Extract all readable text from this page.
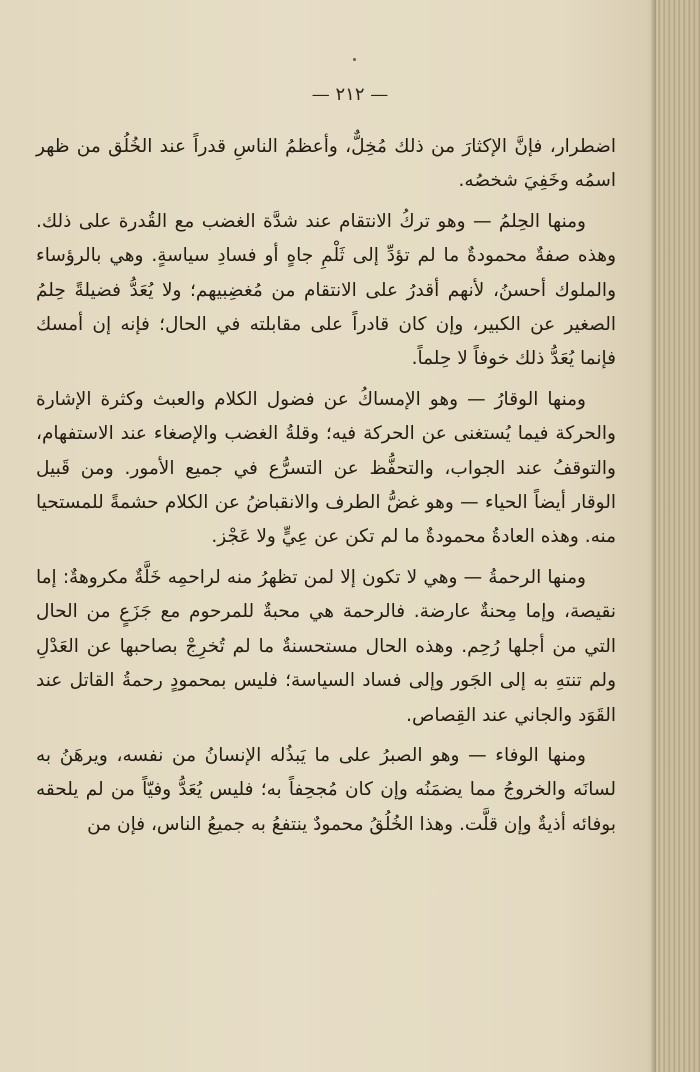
— ٢١٢ —

اضطرار، فإنَّ الإكثارَ من ذلك مُخِلٌّ، وأعظمُ الناسِ قدراً عند الخُلُق من ظهر اسمُه وخَفِيَ شخصُه.

ومنها الحِلمُ — وهو تركُ الانتقام عند شدَّة الغضب مع القُدرة على ذلك. وهذه صفةٌ محمودةٌ ما لم تؤدِّ إلى ثَلْمِ جاهٍ أو فسادِ سياسةٍ. وهي بالرؤساء والملوك أحسنُ، لأنهم أقدرُ على الانتقام من مُغضِبيهم؛ ولا يُعَدُّ فضيلةً حِلمُ الصغير عن الكبير، وإن كان قادراً على مقابلته في الحال؛ فإنه إن أمسك فإنما يُعَدُّ ذلك خوفاً لا حِلماً.

ومنها الوقارُ — وهو الإمساكُ عن فضول الكلام والعبث وكثرة الإشارة والحركة فيما يُستغنى عن الحركة فيه؛ وقلةُ الغضب والإصغاء عند الاستفهام، والتوقفُ عند الجواب، والتحفُّظ عن التسرُّع في جميع الأمور. ومن قَبيل الوقار أيضاً الحياء — وهو غضُّ الطرف والانقباضُ عن الكلام حشمةً للمستحيا منه. وهذه العادةُ محمودةٌ ما لم تكن عن عِيٍّ ولا عَجْز.

ومنها الرحمةُ — وهي لا تكون إلا لمن تظهرُ منه لراحمِه خَلَّةٌ مكروهةٌ: إما نقيصة، وإما مِحنةٌ عارضة. فالرحمة هي محبةٌ للمرحوم مع جَزَعٍ من الحال التي من أجلها رُحِم. وهذه الحال مستحسنةٌ ما لم تُخرِجْ بصاحبها عن العَدْلِ ولم تنتهِ به إلى الجَور وإلى فساد السياسة؛ فليس بمحمودٍ رحمةُ القاتل عند القَوَد والجاني عند القِصاص.

ومنها الوفاء — وهو الصبرُ على ما يَبذُله الإنسانُ من نفسه، ويرهَنُ به لسانَه والخروجُ مما يضمَنُه وإن كان مُجحِفاً به؛ فليس يُعَدُّ وفيّاً من لم يلحقه بوفائه أذيةٌ وإن قلَّت. وهذا الخُلُقُ محمودٌ ينتفعُ به جميعُ الناس، فإن من
